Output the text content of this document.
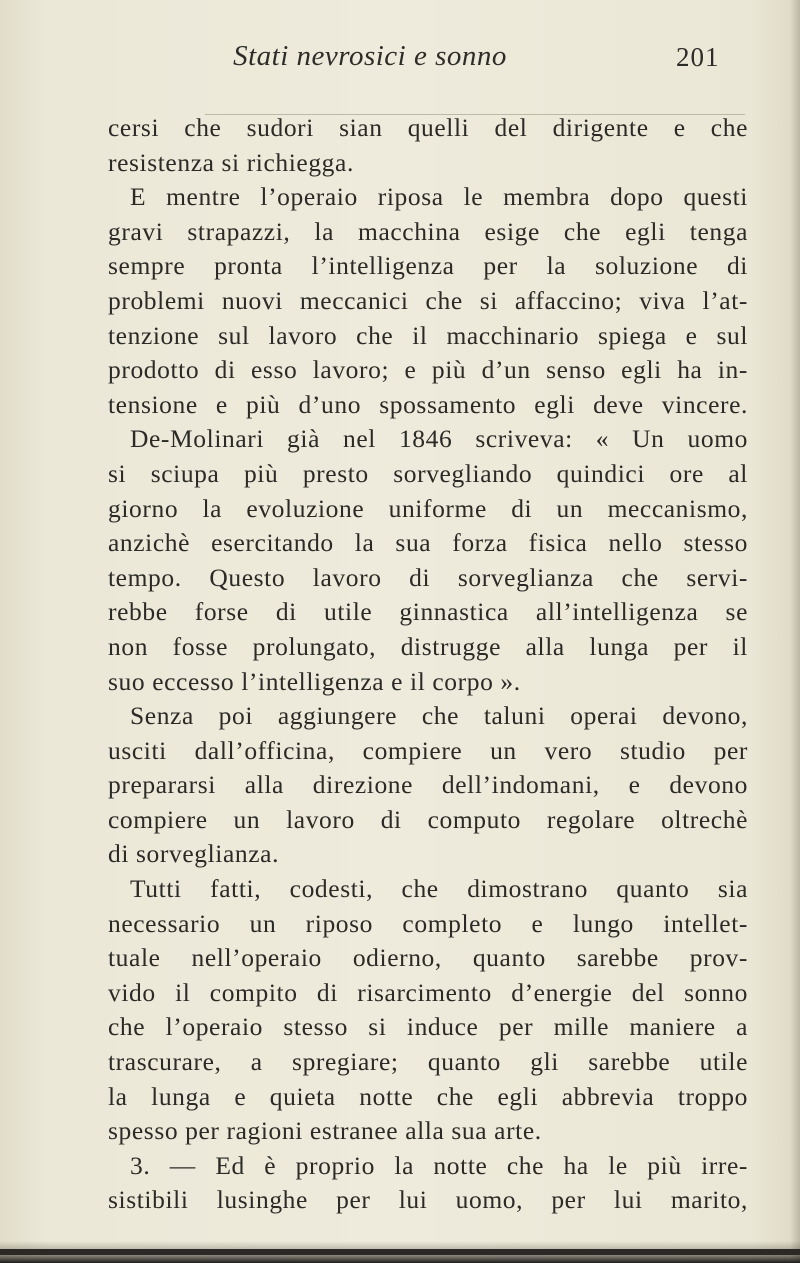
Stati nevrosici e sonno	201
cersi che sudori sian quelli del dirigente e che
resistenza si richiegga.
E mentre l’operaio riposa le membra dopo questi
gravi strapazzi, la macchina esige che egli tenga
sempre pronta l’intelligenza per la soluzione di
problemi nuovi meccanici che si affaccino; viva l’at-
tenzione sul lavoro che il macchinario spiega e sul
prodotto di esso lavoro; e più d’un senso egli ha in-
tensione e più d’uno spossamento egli deve vincere.
De-Molinari già nel 1846 scriveva: « Un uomo
si sciupa più presto sorvegliando quindici ore al
giorno la evoluzione uniforme di un meccanismo,
anzichè esercitando la sua forza fisica nello stesso
tempo. Questo lavoro di sorveglianza che servi-
rebbe forse di utile ginnastica all’intelligenza se
non fosse prolungato, distrugge alla lunga per il
suo eccesso l’intelligenza e il corpo ».
Senza poi aggiungere che taluni operai devono,
usciti dall’officina, compiere un vero studio per
prepararsi alla direzione dell’indomani, e devono
compiere un lavoro di computo regolare oltrechè
di sorveglianza.
Tutti fatti, codesti, che dimostrano quanto sia
necessario un riposo completo e lungo intellet-
tuale nell’operaio odierno, quanto sarebbe prov-
vido il compito di risarcimento d’energie del sonno
che l’operaio stesso si induce per mille maniere a
trascurare, a spregiare; quanto gli sarebbe utile
la lunga e quieta notte che egli abbrevia troppo
spesso per ragioni estranee alla sua arte.
3. — Ed è proprio la notte che ha le più irre-
sistibili lusinghe per lui uomo, per lui marito,
